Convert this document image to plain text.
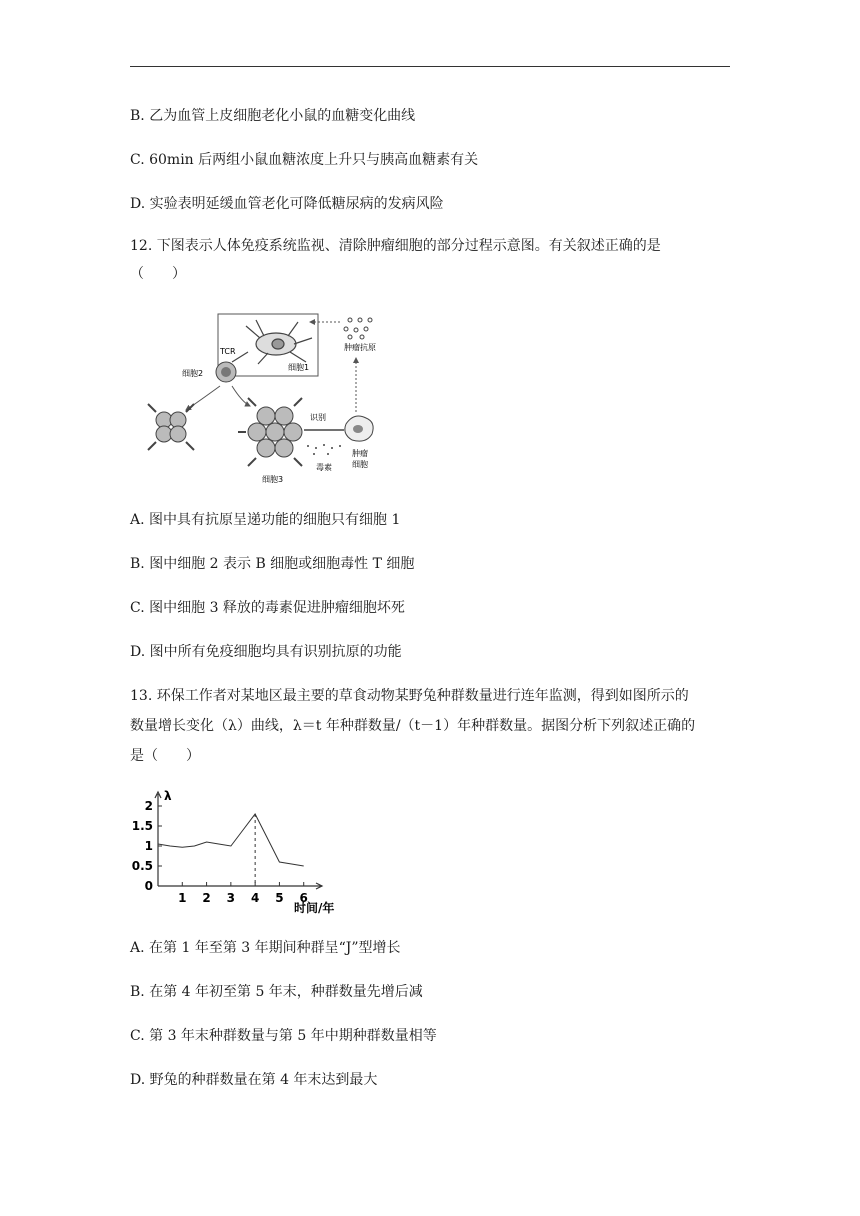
B. 乙为血管上皮细胞老化小鼠的血糖变化曲线
C. 60min 后两组小鼠血糖浓度上升只与胰高血糖素有关
D. 实验表明延缓血管老化可降低糖尿病的发病风险
12. 下图表示人体免疫系统监视、清除肿瘤细胞的部分过程示意图。有关叙述正确的是
（　　）
细胞1
TCR	肿瘤抗原
细胞2
细胞3
识别
毒素
肿瘤
细胞
A. 图中具有抗原呈递功能的细胞只有细胞 1
B. 图中细胞 2 表示 B 细胞或细胞毒性 T 细胞
C. 图中细胞 3 释放的毒素促进肿瘤细胞坏死
D. 图中所有免疫细胞均具有识别抗原的功能
13. 环保工作者对某地区最主要的草食动物某野兔种群数量进行连年监测，得到如图所示的
数量增长变化（λ）曲线，λ＝t 年种群数量/（t－1）年种群数量。据图分析下列叙述正确的
是（　　）
0
0.5
1
1.5
2
1 2 3 4 5 6
λ
时间/年
A. 在第 1 年至第 3 年期间种群呈“J”型增长
B. 在第 4 年初至第 5 年末，种群数量先增后减
C. 第 3 年末种群数量与第 5 年中期种群数量相等
D. 野兔的种群数量在第 4 年末达到最大
